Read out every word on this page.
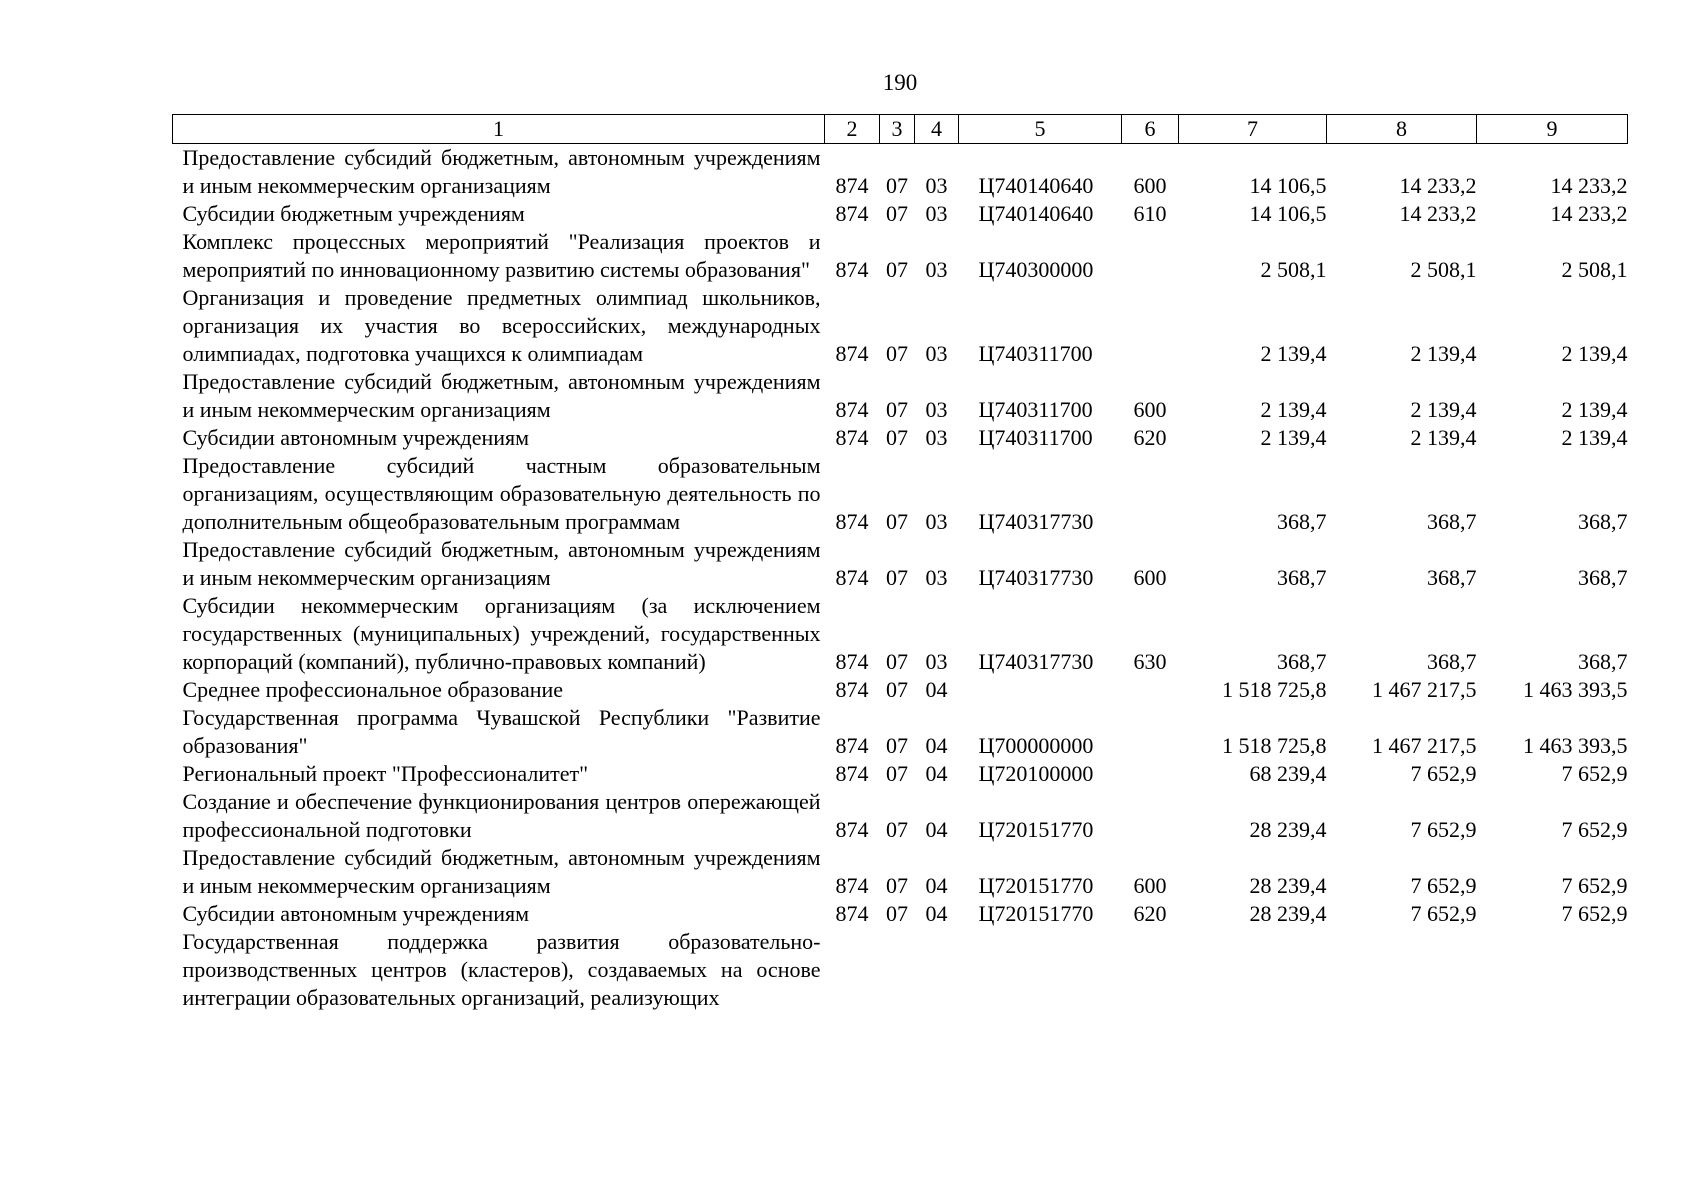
190
1	2	3	4	5	6	7	8	9
Предоставление субсидий бюджетным, автономным учреждениям и иным некоммерческим организациям	874	07	03	Ц740140640	600	14 106,5	14 233,2	14 233,2
Субсидии бюджетным учреждениям	874	07	03	Ц740140640	610	14 106,5	14 233,2	14 233,2
Комплекс процессных мероприятий "Реализация проектов и мероприятий по инновационному развитию системы образования"	874	07	03	Ц740300000		2 508,1	2 508,1	2 508,1
Организация и проведение предметных олимпиад школьников, организация их участия во всероссийских, международных олимпиадах, подготовка учащихся к олимпиадам	874	07	03	Ц740311700		2 139,4	2 139,4	2 139,4
Предоставление субсидий бюджетным, автономным учреждениям и иным некоммерческим организациям	874	07	03	Ц740311700	600	2 139,4	2 139,4	2 139,4
Субсидии автономным учреждениям	874	07	03	Ц740311700	620	2 139,4	2 139,4	2 139,4
Предоставление субсидий частным образовательным организациям, осуществляющим образовательную деятельность по дополнительным общеобразовательным программам	874	07	03	Ц740317730		368,7	368,7	368,7
Предоставление субсидий бюджетным, автономным учреждениям и иным некоммерческим организациям	874	07	03	Ц740317730	600	368,7	368,7	368,7
Субсидии некоммерческим организациям (за исключением государственных (муниципальных) учреждений, государственных корпораций (компаний), публично-правовых компаний)	874	07	03	Ц740317730	630	368,7	368,7	368,7
Среднее профессиональное образование	874	07	04			1 518 725,8	1 467 217,5	1 463 393,5
Государственная программа Чувашской Республики "Развитие образования"	874	07	04	Ц700000000		1 518 725,8	1 467 217,5	1 463 393,5
Региональный проект "Профессионалитет"	874	07	04	Ц720100000		68 239,4	7 652,9	7 652,9
Создание и обеспечение функционирования центров опережающей профессиональной подготовки	874	07	04	Ц720151770		28 239,4	7 652,9	7 652,9
Предоставление субсидий бюджетным, автономным учреждениям и иным некоммерческим организациям	874	07	04	Ц720151770	600	28 239,4	7 652,9	7 652,9
Субсидии автономным учреждениям	874	07	04	Ц720151770	620	28 239,4	7 652,9	7 652,9
Государственная поддержка развития образовательно-производственных центров (кластеров), создаваемых на основе интеграции образовательных организаций, реализующих								
